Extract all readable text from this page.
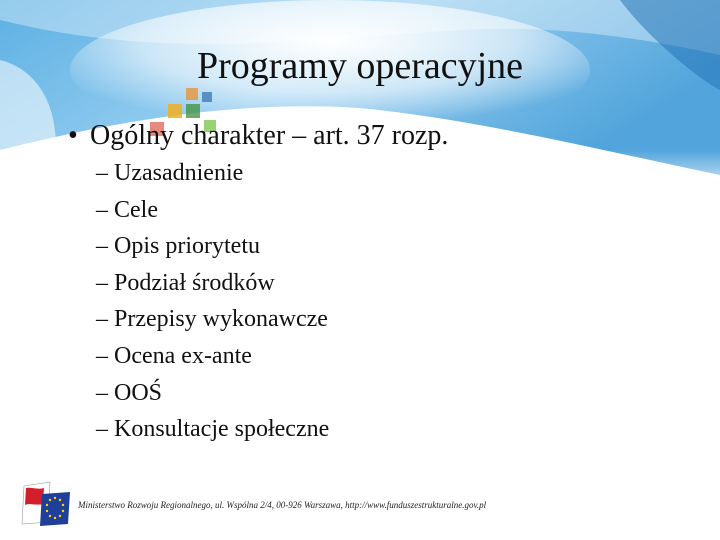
Programy operacyjne
• Ogólny charakter – art. 37 rozp.
– Uzasadnienie
– Cele
– Opis priorytetu
– Podział środków
– Przepisy wykonawcze
– Ocena ex-ante
– OOŚ
– Konsultacje społeczne
Ministerstwo Rozwoju Regionalnego, ul. Wspólna 2/4, 00-926 Warszawa, http://www.funduszestrukturalne.gov.pl
